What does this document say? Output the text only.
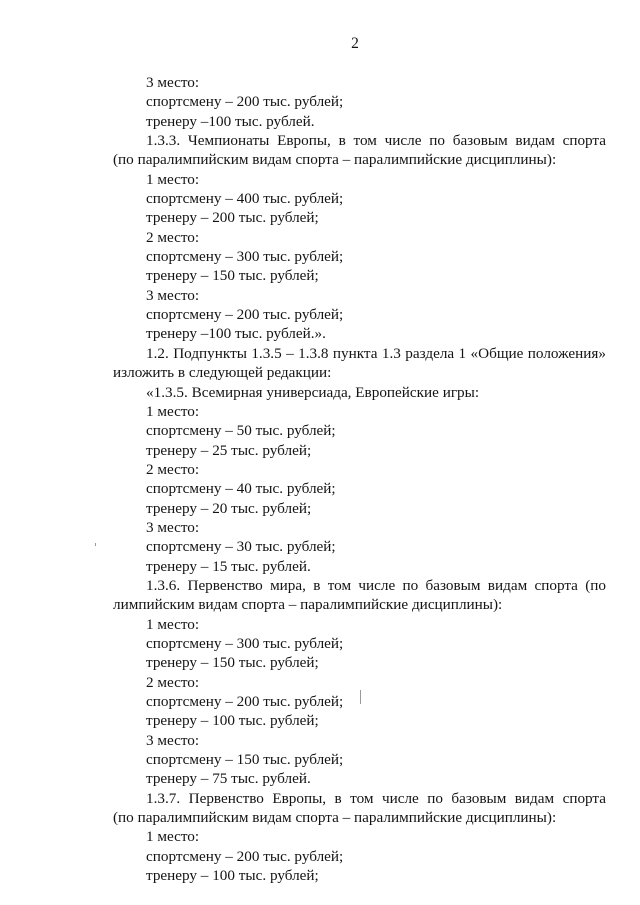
2
3 место:
спортсмену – 200 тыс. рублей;
тренеру –100 тыс. рублей.
1.3.3. Чемпионаты Европы, в том числе по базовым видам спорта
(по паралимпийским видам спорта – паралимпийские дисциплины):
1 место:
спортсмену – 400 тыс. рублей;
тренеру – 200 тыс. рублей;
2 место:
спортсмену – 300 тыс. рублей;
тренеру – 150 тыс. рублей;
3 место:
спортсмену – 200 тыс. рублей;
тренеру –100 тыс. рублей.».
1.2. Подпункты 1.3.5 – 1.3.8 пункта 1.3 раздела 1 «Общие положения»
изложить в следующей редакции:
«1.3.5. Всемирная универсиада, Европейские игры:
1 место:
спортсмену – 50 тыс. рублей;
тренеру – 25 тыс. рублей;
2 место:
спортсмену – 40 тыс. рублей;
тренеру – 20 тыс. рублей;
3 место:
спортсмену – 30 тыс. рублей;
тренеру – 15 тыс. рублей.
1.3.6. Первенство мира, в том числе по базовым видам спорта (по
лимпийским видам спорта – паралимпийские дисциплины):
1 место:
спортсмену – 300 тыс. рублей;
тренеру – 150 тыс. рублей;
2 место:
спортсмену – 200 тыс. рублей;
тренеру – 100 тыс. рублей;
3 место:
спортсмену – 150 тыс. рублей;
тренеру – 75 тыс. рублей.
1.3.7. Первенство Европы, в том числе по базовым видам спорта
(по паралимпийским видам спорта – паралимпийские дисциплины):
1 место:
спортсмену – 200 тыс. рублей;
тренеру – 100 тыс. рублей;
